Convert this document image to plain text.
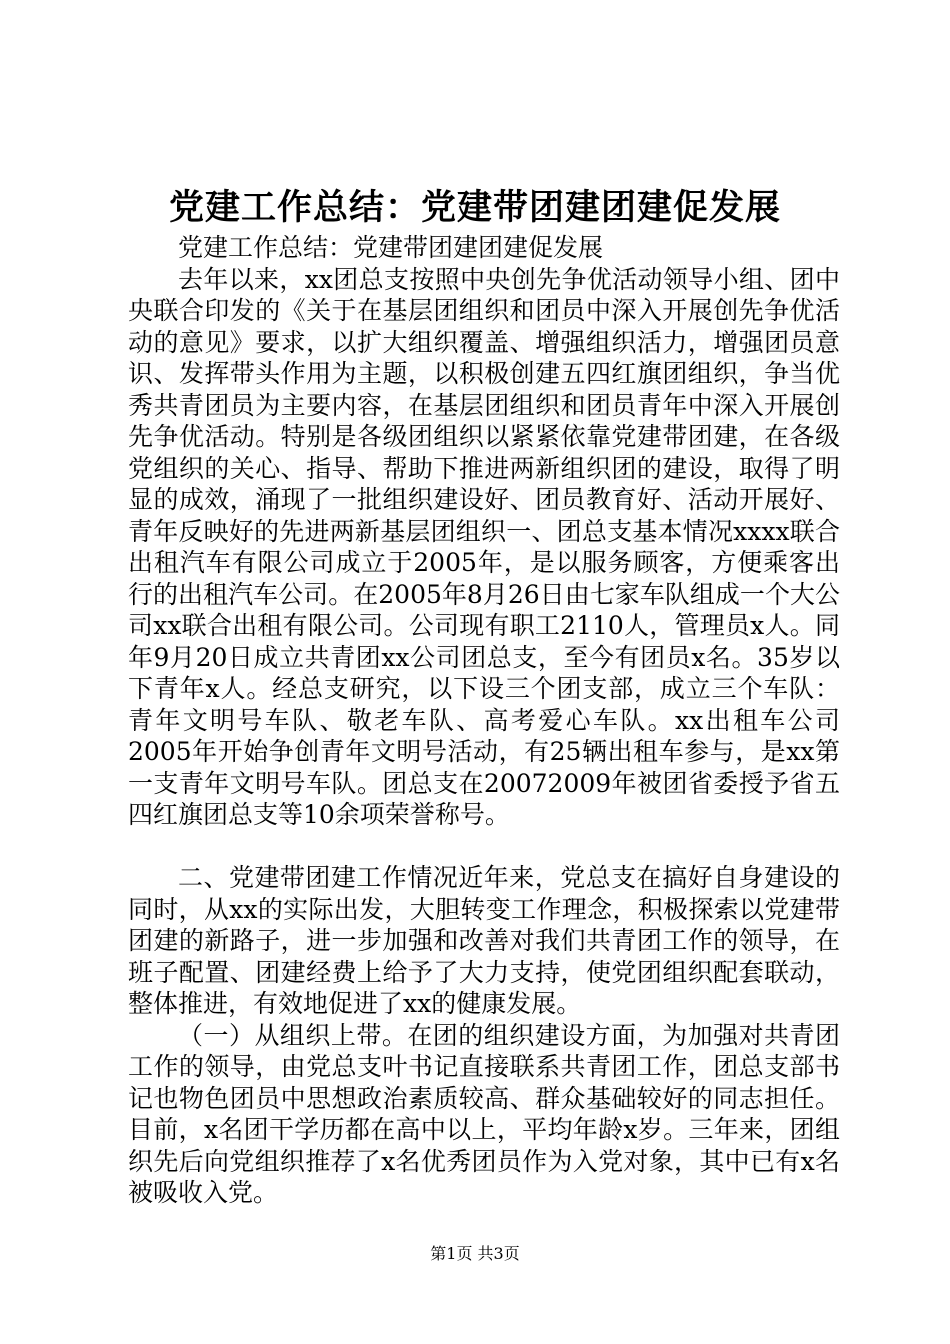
党建工作总结：党建带团建团建促发展

党建工作总结：党建带团建团建促发展

去年以来，xx团总支按照中央创先争优活动领导小组、团中央联合印发的《关于在基层团组织和团员中深入开展创先争优活动的意见》要求，以扩大组织覆盖、增强组织活力，增强团员意识、发挥带头作用为主题，以积极创建五四红旗团组织，争当优秀共青团员为主要内容，在基层团组织和团员青年中深入开展创先争优活动。特别是各级团组织以紧紧依靠党建带团建，在各级党组织的关心、指导、帮助下推进两新组织团的建设，取得了明显的成效，涌现了一批组织建设好、团员教育好、活动开展好、青年反映好的先进两新基层团组织一、团总支基本情况xxxx联合出租汽车有限公司成立于2005年，是以服务顾客，方便乘客出行的出租汽车公司。在2005年8月26日由七家车队组成一个大公司xx联合出租有限公司。公司现有职工2110人，管理员x人。同年9月20日成立共青团xx公司团总支，至今有团员x名。35岁以下青年x人。经总支研究，以下设三个团支部，成立三个车队：青年文明号车队、敬老车队、高考爱心车队。xx出租车公司2005年开始争创青年文明号活动，有25辆出租车参与，是xx第一支青年文明号车队。团总支在20072009年被团省委授予省五四红旗团总支等10余项荣誉称号。

二、党建带团建工作情况近年来，党总支在搞好自身建设的同时，从xx的实际出发，大胆转变工作理念，积极探索以党建带团建的新路子，进一步加强和改善对我们共青团工作的领导，在班子配置、团建经费上给予了大力支持，使党团组织配套联动，整体推进，有效地促进了xx的健康发展。

（一）从组织上带。在团的组织建设方面，为加强对共青团工作的领导，由党总支叶书记直接联系共青团工作，团总支部书记也物色团员中思想政治素质较高、群众基础较好的同志担任。目前，x名团干学历都在高中以上，平均年龄x岁。三年来，团组织先后向党组织推荐了x名优秀团员作为入党对象，其中已有x名被吸收入党。

第1页 共3页
